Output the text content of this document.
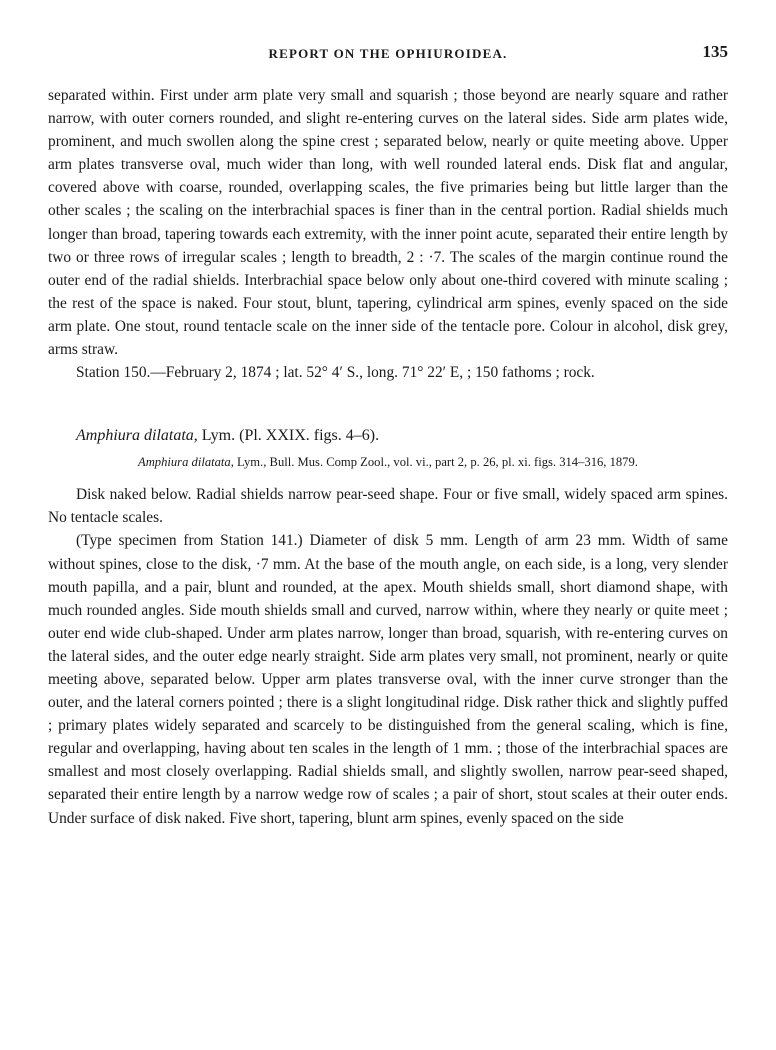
REPORT ON THE OPHIUROIDEA.	135

separated within. First under arm plate very small and squarish ; those beyond are nearly square and rather narrow, with outer corners rounded, and slight re-entering curves on the lateral sides. Side arm plates wide, prominent, and much swollen along the spine crest ; separated below, nearly or quite meeting above. Upper arm plates transverse oval, much wider than long, with well rounded lateral ends. Disk flat and angular, covered above with coarse, rounded, overlapping scales, the five primaries being but little larger than the other scales ; the scaling on the interbrachial spaces is finer than in the central portion. Radial shields much longer than broad, tapering towards each extremity, with the inner point acute, separated their entire length by two or three rows of irregular scales ; length to breadth, 2 : ·7. The scales of the margin continue round the outer end of the radial shields. Interbrachial space below only about one-third covered with minute scaling ; the rest of the space is naked. Four stout, blunt, tapering, cylindrical arm spines, evenly spaced on the side arm plate. One stout, round tentacle scale on the inner side of the tentacle pore. Colour in alcohol, disk grey, arms straw.

Station 150.—February 2, 1874 ; lat. 52° 4′ S., long. 71° 22′ E, ; 150 fathoms ; rock.

Amphiura dilatata, Lym. (Pl. XXIX. figs. 4–6).

Amphiura dilatata, Lym., Bull. Mus. Comp Zool., vol. vi., part 2, p. 26, pl. xi. figs. 314–316, 1879.

Disk naked below. Radial shields narrow pear-seed shape. Four or five small, widely spaced arm spines. No tentacle scales.

(Type specimen from Station 141.) Diameter of disk 5 mm. Length of arm 23 mm. Width of same without spines, close to the disk, ·7 mm. At the base of the mouth angle, on each side, is a long, very slender mouth papilla, and a pair, blunt and rounded, at the apex. Mouth shields small, short diamond shape, with much rounded angles. Side mouth shields small and curved, narrow within, where they nearly or quite meet ; outer end wide club-shaped. Under arm plates narrow, longer than broad, squarish, with re-entering curves on the lateral sides, and the outer edge nearly straight. Side arm plates very small, not prominent, nearly or quite meeting above, separated below. Upper arm plates transverse oval, with the inner curve stronger than the outer, and the lateral corners pointed ; there is a slight longitudinal ridge. Disk rather thick and slightly puffed ; primary plates widely separated and scarcely to be distinguished from the general scaling, which is fine, regular and overlapping, having about ten scales in the length of 1 mm. ; those of the interbrachial spaces are smallest and most closely overlapping. Radial shields small, and slightly swollen, narrow pear-seed shaped, separated their entire length by a narrow wedge row of scales ; a pair of short, stout scales at their outer ends. Under surface of disk naked. Five short, tapering, blunt arm spines, evenly spaced on the side
